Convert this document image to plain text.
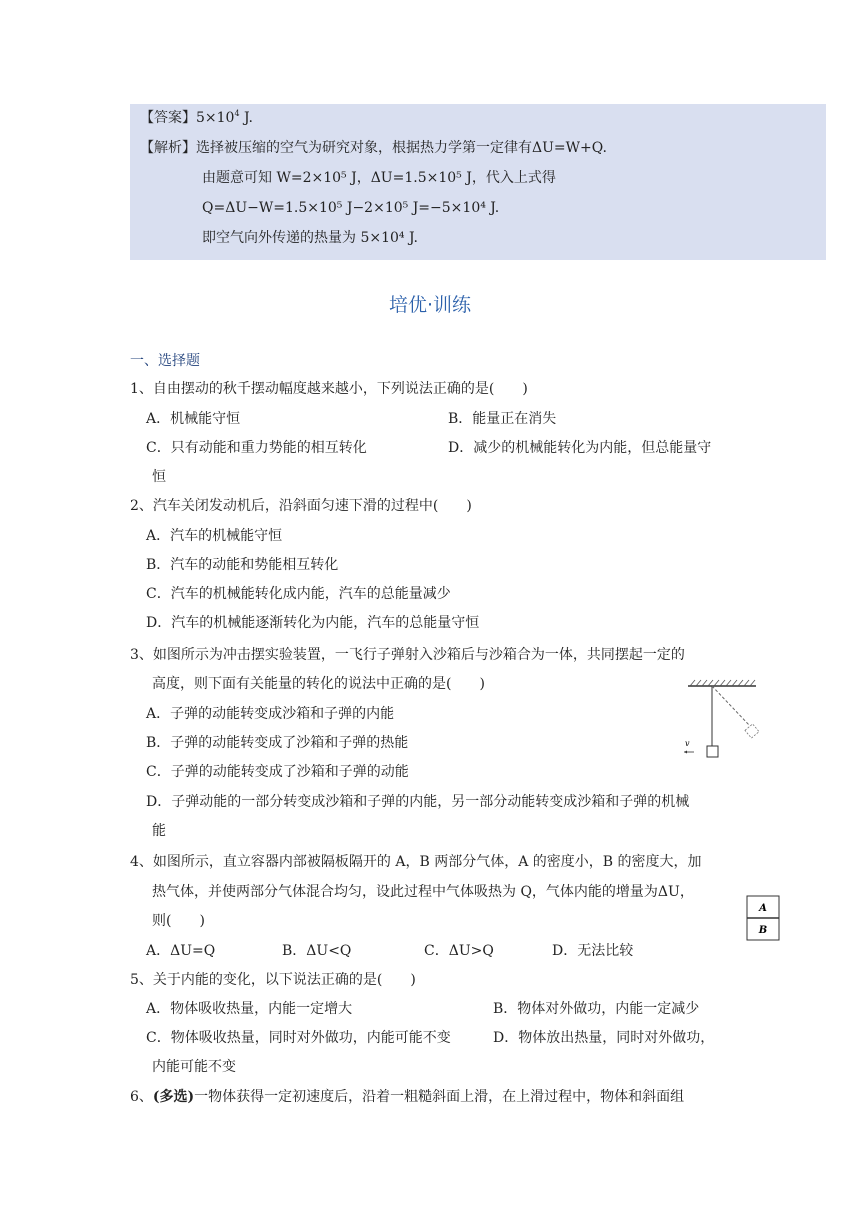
【答案】$5\times 10^4$ J.
【解析】选择被压缩的空气为研究对象，根据热力学第一定律有ΔU=W+Q.
由题意可知 W=2×10⁵ J，ΔU=1.5×10⁵ J，代入上式得
Q=ΔU−W=1.5×10⁵ J−2×10⁵ J=−5×10⁴ J.
即空气向外传递的热量为 5×10⁴ J.
培优·训练
一、选择题
1、自由摆动的秋千摆动幅度越来越小，下列说法正确的是(　　)
A．机械能守恒	B．能量正在消失
C．只有动能和重力势能的相互转化	D．减少的机械能转化为内能，但总能量守
恒
2、汽车关闭发动机后，沿斜面匀速下滑的过程中(　　)
A．汽车的机械能守恒
B．汽车的动能和势能相互转化
C．汽车的机械能转化成内能，汽车的总能量减少
D．汽车的机械能逐渐转化为内能，汽车的总能量守恒
3、如图所示为冲击摆实验装置，一飞行子弹射入沙箱后与沙箱合为一体，共同摆起一定的
高度，则下面有关能量的转化的说法中正确的是(　　)
A．子弹的动能转变成沙箱和子弹的内能
B．子弹的动能转变成了沙箱和子弹的热能
C．子弹的动能转变成了沙箱和子弹的动能
D．子弹动能的一部分转变成沙箱和子弹的内能，另一部分动能转变成沙箱和子弹的机械
能
v
4、如图所示，直立容器内部被隔板隔开的 A，B 两部分气体，A 的密度小，B 的密度大，加
热气体，并使两部分气体混合均匀，设此过程中气体吸热为 Q，气体内能的增量为ΔU，
则(　　)
A．ΔU=Q	B．ΔU<Q	C．ΔU>Q	D．无法比较
A
B
5、关于内能的变化，以下说法正确的是(　　)
A．物体吸收热量，内能一定增大	B．物体对外做功，内能一定减少
C．物体吸收热量，同时对外做功，内能可能不变	D．物体放出热量，同时对外做功，
内能可能不变
6、(多选)一物体获得一定初速度后，沿着一粗糙斜面上滑，在上滑过程中，物体和斜面组
